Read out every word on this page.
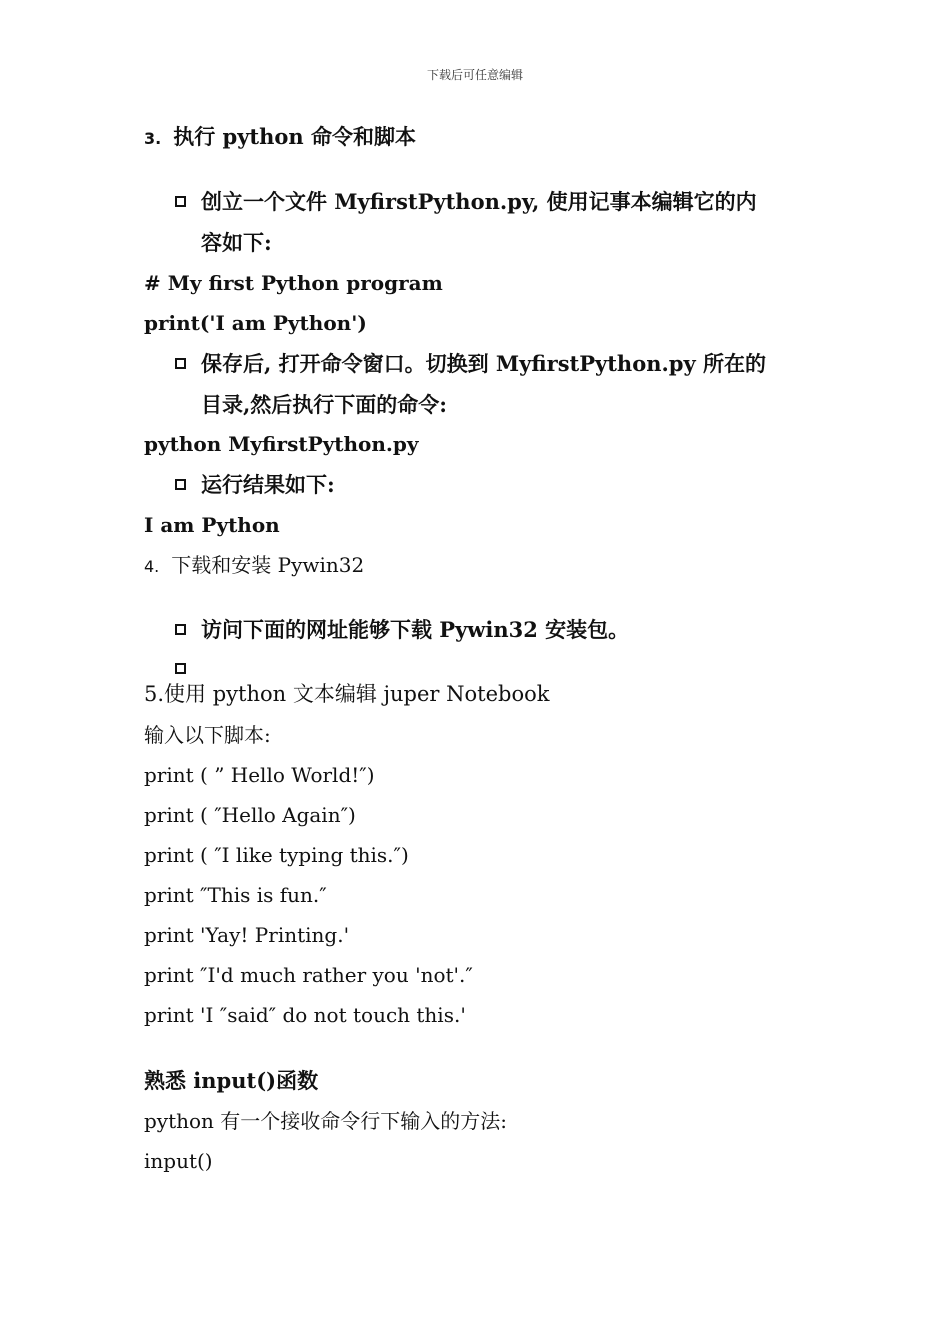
下载后可任意编辑
3. 执行 python 命令和脚本
创立一个文件 MyfirstPython.py, 使用记事本编辑它的内
容如下:
# My first Python program
print('I am Python')
保存后, 打开命令窗口。切换到 MyfirstPython.py 所在的
目录,然后执行下面的命令:
python MyfirstPython.py
运行结果如下:
I am Python
4. 下载和安装 Pywin32
访问下面的网址能够下载 Pywin32 安装包。
5.使用 python 文本编辑 juper Notebook
输入以下脚本:
print ( ” Hello World!″)
print ( ″Hello Again″)
print ( ″I like typing this.″)
print ″This is fun.″
print 'Yay! Printing.'
print ″I'd much rather you 'not'.″
print 'I ″said″ do not touch this.'
熟悉 input()函数
python 有一个接收命令行下输入的方法:
input()
